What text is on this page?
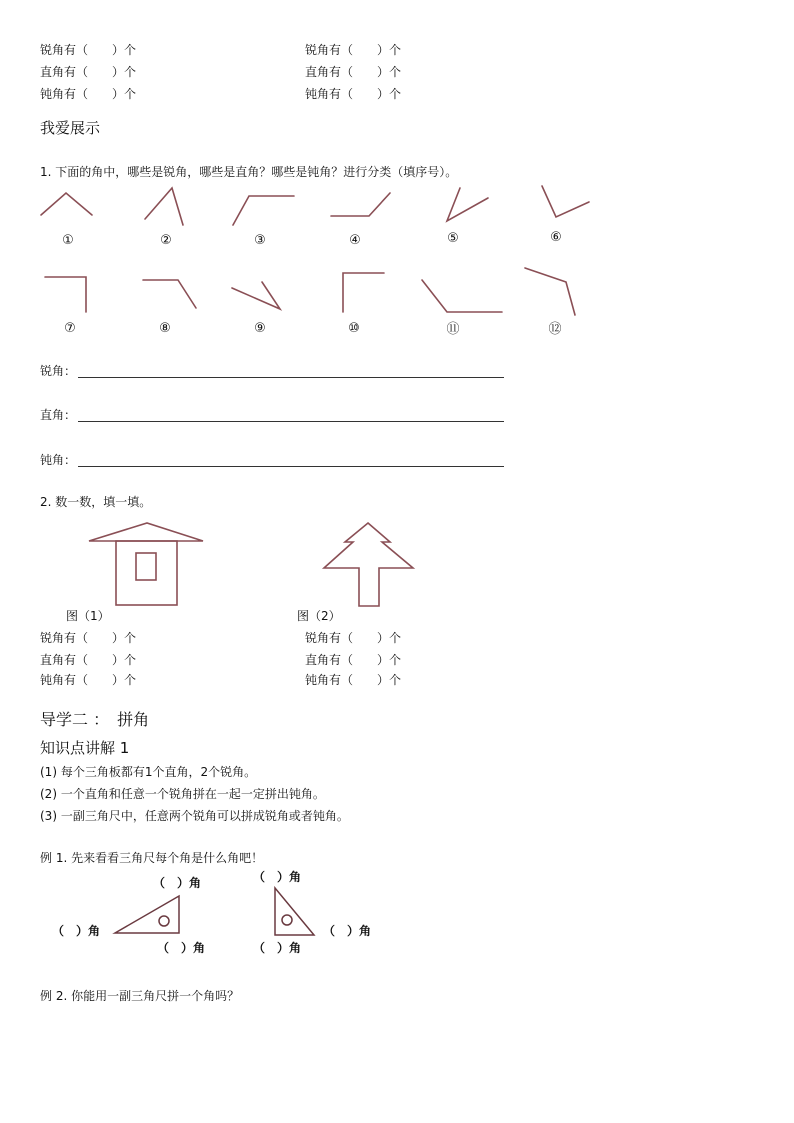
锐角有（　　）个
直角有（　　）个
钝角有（　　）个
锐角有（　　）个
直角有（　　）个
钝角有（　　）个
我爱展示
1. 下面的角中，哪些是锐角，哪些是直角？哪些是钝角？进行分类（填序号）。
①	②	③	④	⑤	⑥
⑦	⑧	⑨	⑩	⑪	⑫
锐角：
直角：
钝角：
2. 数一数，填一填。
图（1）	图（2）
锐角有（　　）个
直角有（　　）个
钝角有（　　）个
锐角有（　　）个
直角有（　　）个
钝角有（　　）个
导学二 ：　拼角
知识点讲解 1
(1) 每个三角板都有1个直角，2个锐角。
(2) 一个直角和任意一个锐角拼在一起一定拼出钝角。
(3) 一副三角尺中，任意两个锐角可以拼成锐角或者钝角。
例 1. 先来看看三角尺每个角是什么角吧！
（　）角
（　）角
（　）角
（　）角
（　）角
（　）角
例 2. 你能用一副三角尺拼一个角吗？
